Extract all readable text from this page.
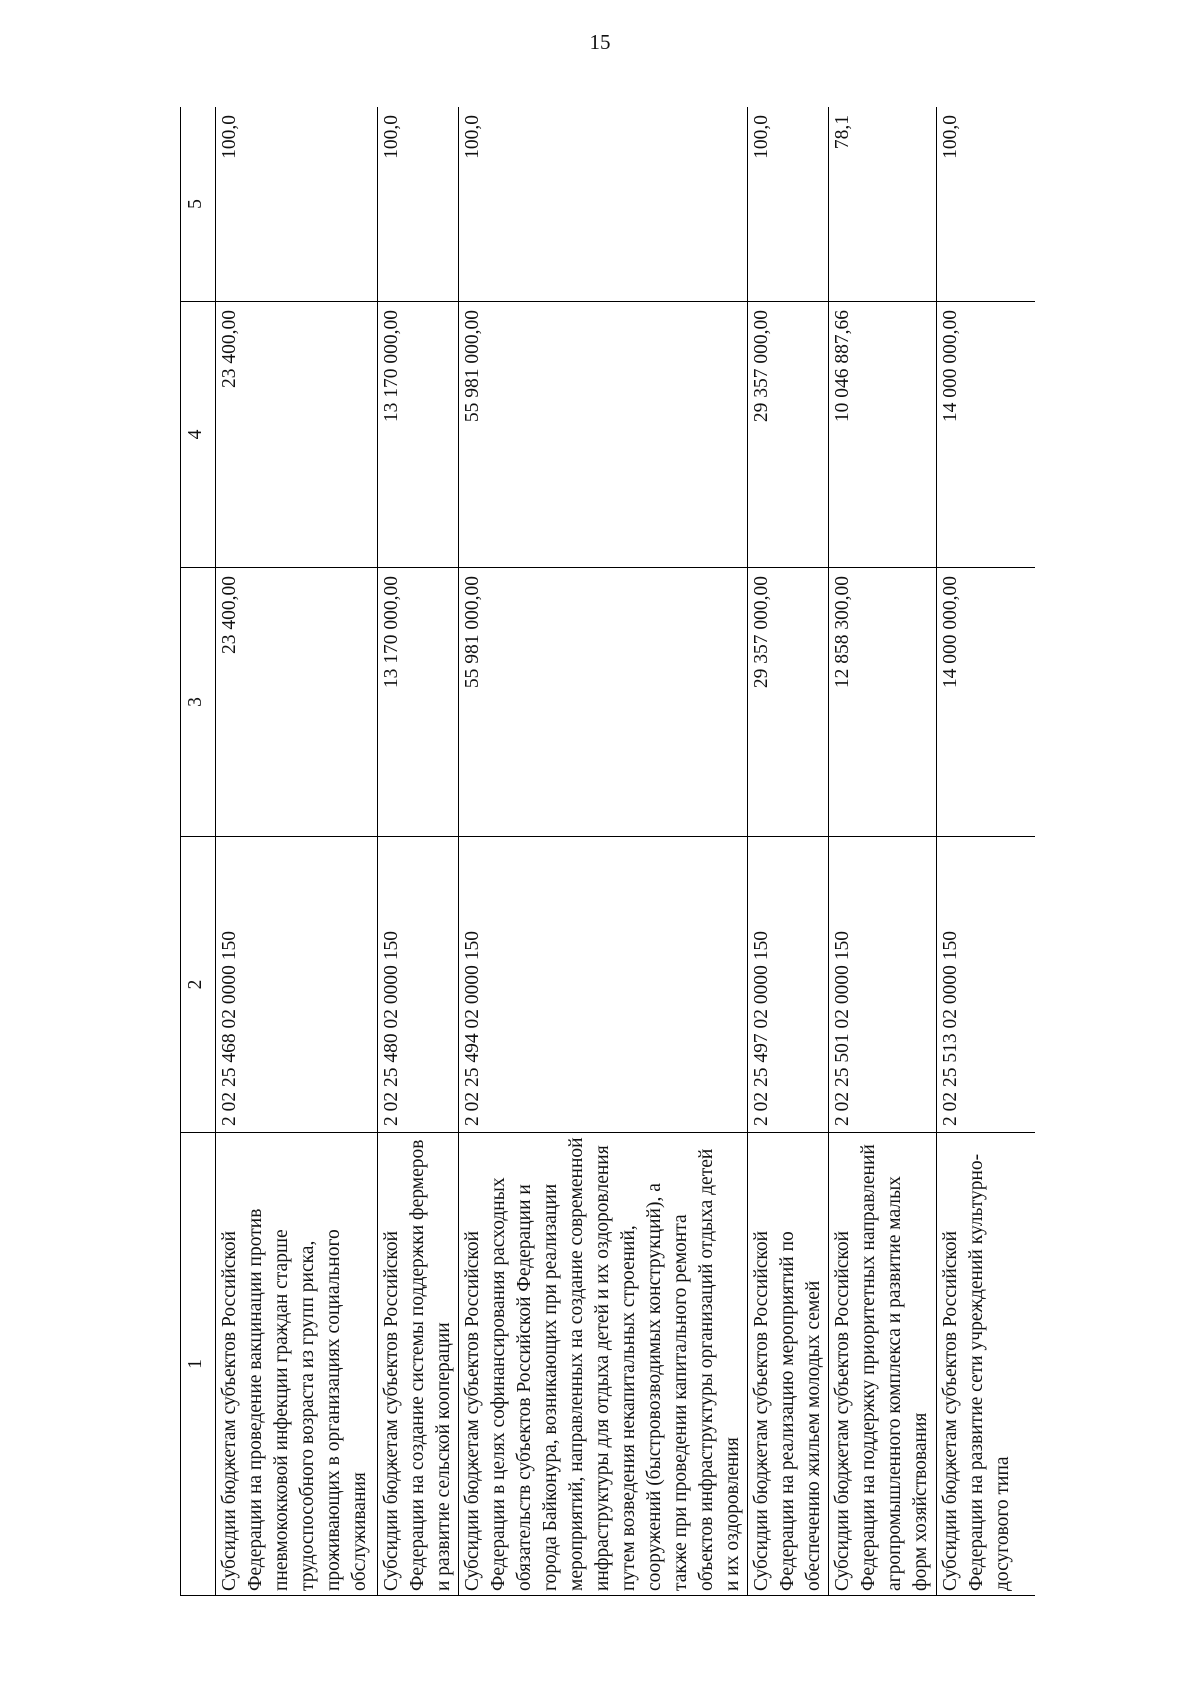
15
1	2	3	4	5
Субсидии бюджетам субъектов Российской Федерации на проведение вакцинации против пневмококковой инфекции граждан старше трудоспособного возраста из групп риска, проживающих в организациях социального обслуживания	2 02 25 468 02 0000 150	23 400,00	23 400,00	100,0
Субсидии бюджетам субъектов Российской Федерации на создание системы поддержки фермеров и развитие сельской кооперации	2 02 25 480 02 0000 150	13 170 000,00	13 170 000,00	100,0
Субсидии бюджетам субъектов Российской Федерации в целях софинансирования расходных обязательств субъектов Российской Федерации и города Байконура, возникающих при реализации мероприятий, направленных на создание современной инфраструктуры для отдыха детей и их оздоровления путем возведения некапитальных строений, сооружений (быстровозводимых конструкций), а также при проведении капитального ремонта объектов инфраструктуры организаций отдыха детей и их оздоровления	2 02 25 494 02 0000 150	55 981 000,00	55 981 000,00	100,0
Субсидии бюджетам субъектов Российской Федерации на реализацию мероприятий по обеспечению жильем молодых семей	2 02 25 497 02 0000 150	29 357 000,00	29 357 000,00	100,0
Субсидии бюджетам субъектов Российской Федерации на поддержку приоритетных направлений агропромышленного комплекса и развитие малых форм хозяйствования	2 02 25 501 02 0000 150	12 858 300,00	10 046 887,66	78,1
Субсидии бюджетам субъектов Российской Федерации на развитие сети учреждений культурно-досугового типа	2 02 25 513 02 0000 150	14 000 000,00	14 000 000,00	100,0
